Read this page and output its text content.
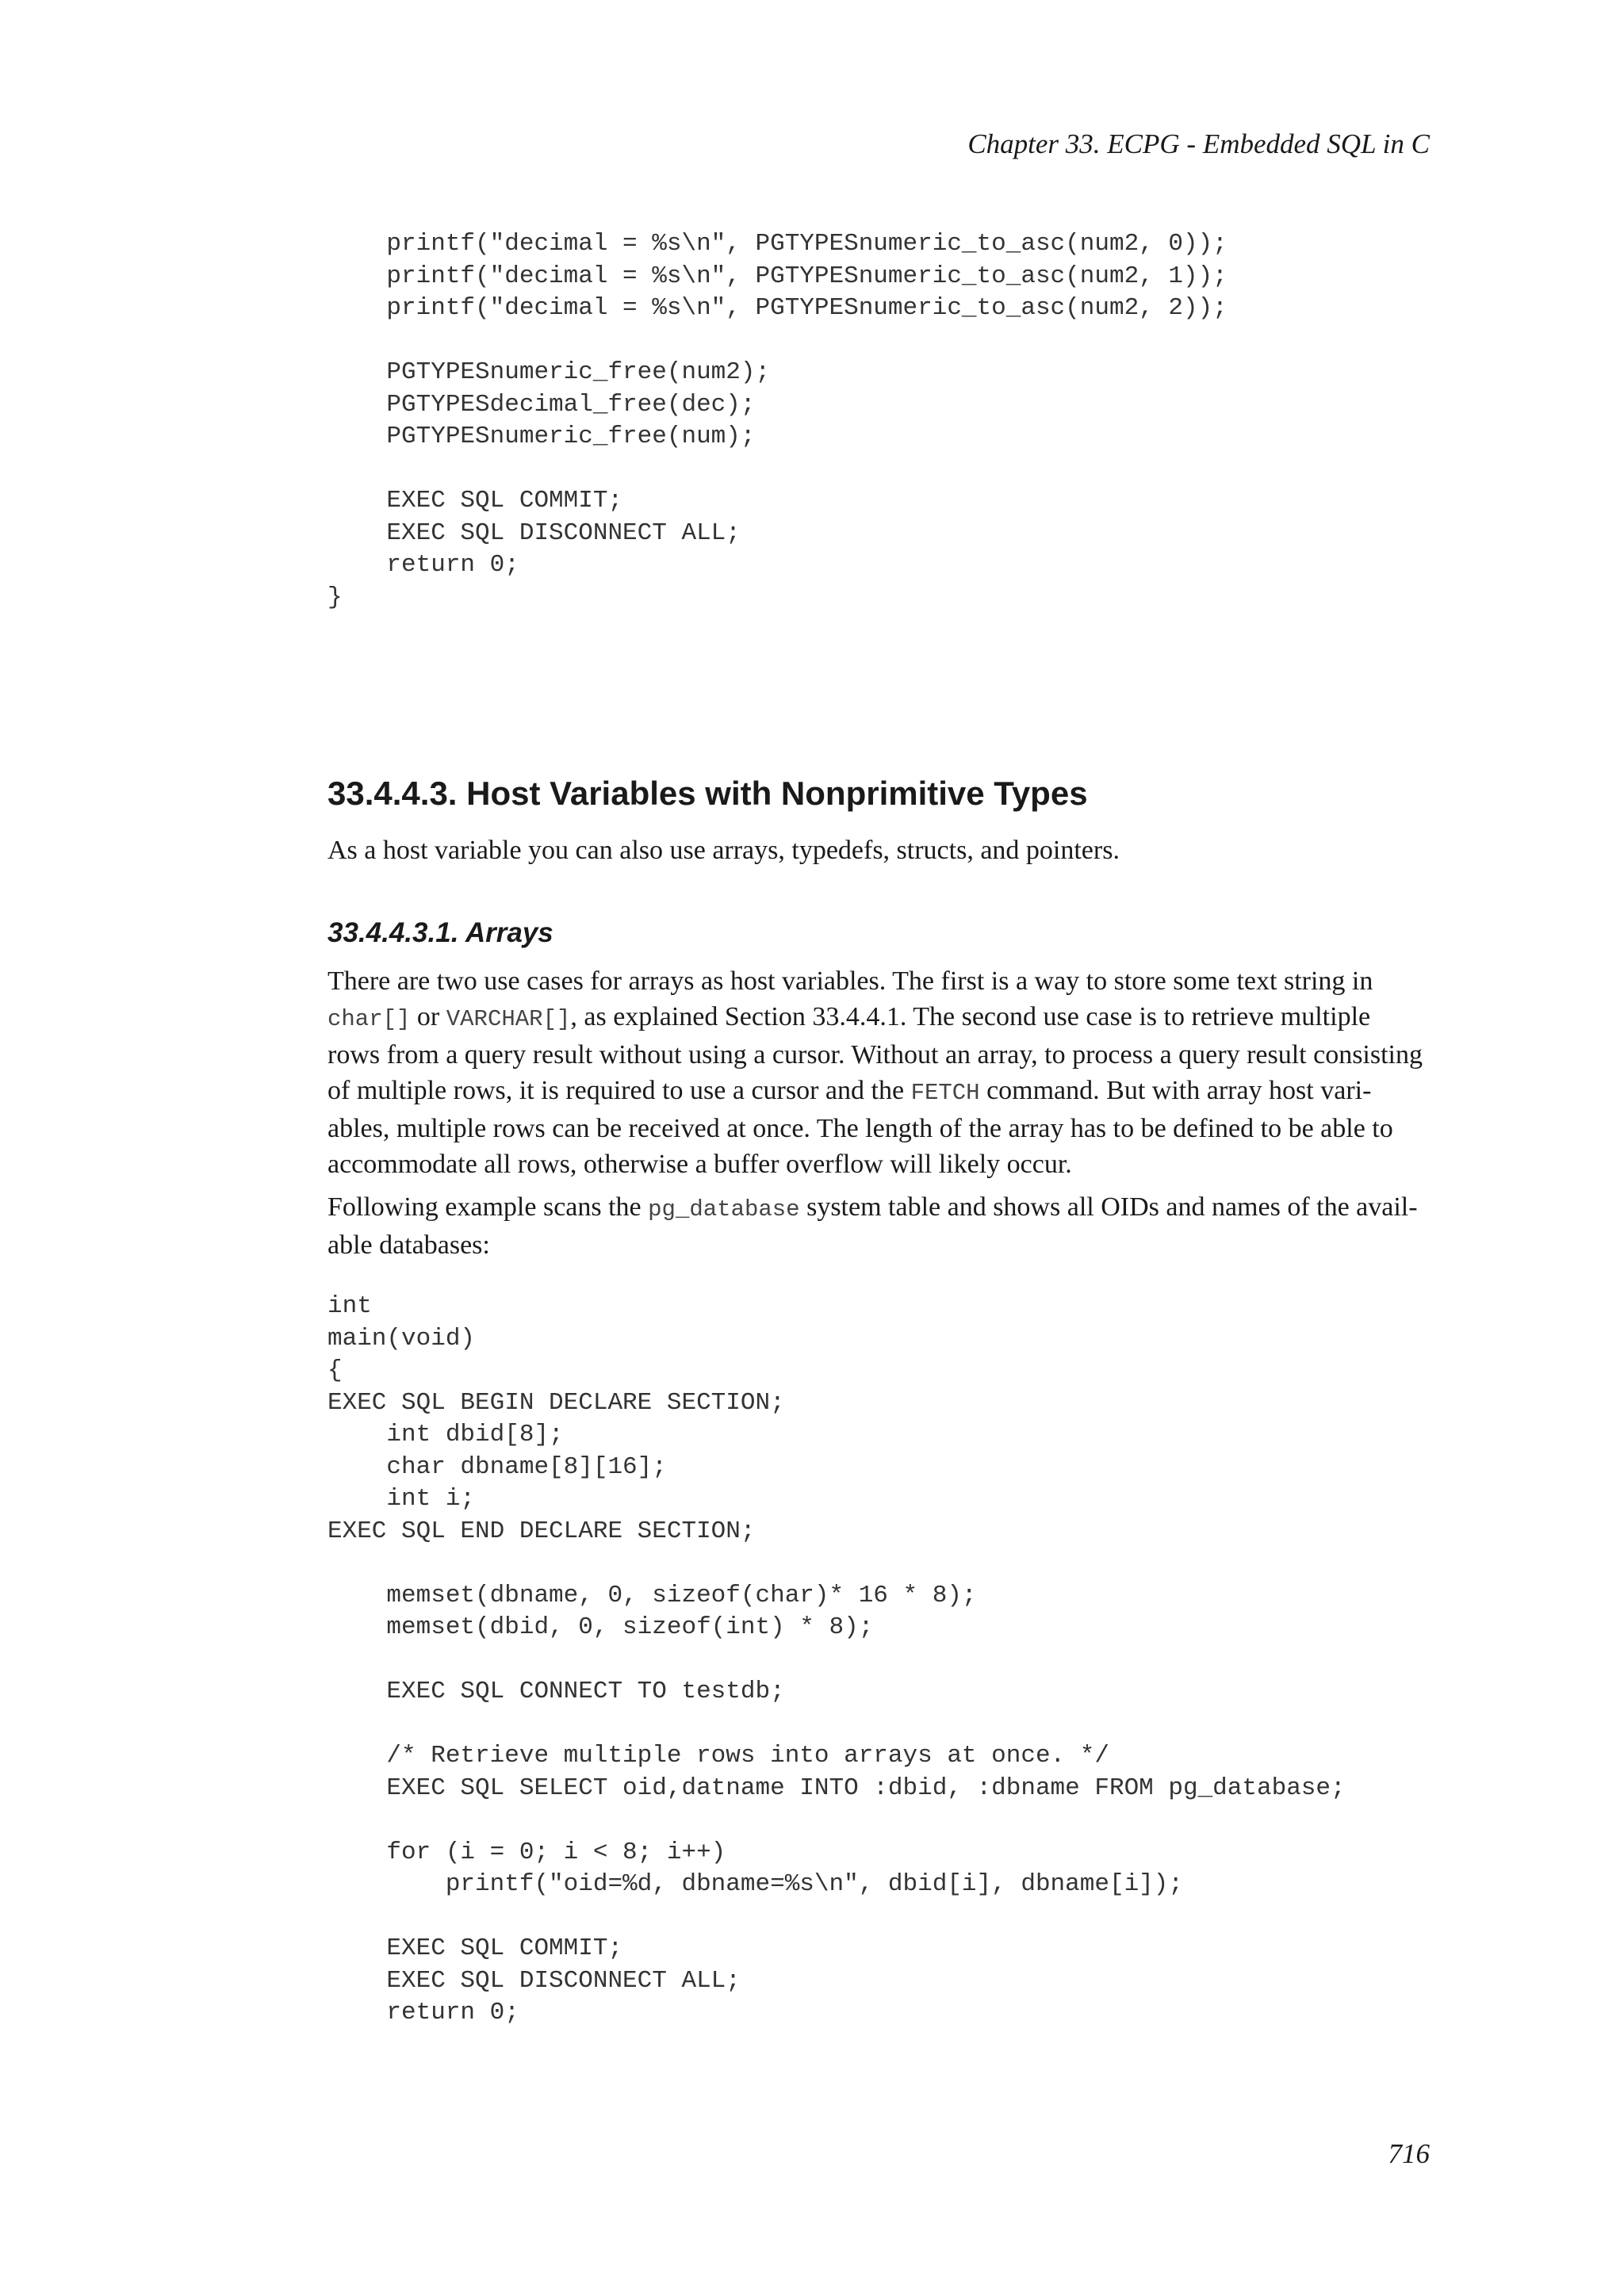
Chapter 33. ECPG - Embedded SQL in C
printf("decimal = %s\n", PGTYPESnumeric_to_asc(num2, 0));
printf("decimal = %s\n", PGTYPESnumeric_to_asc(num2, 1));
printf("decimal = %s\n", PGTYPESnumeric_to_asc(num2, 2));

PGTYPESnumeric_free(num2);
PGTYPESdecimal_free(dec);
PGTYPESnumeric_free(num);

EXEC SQL COMMIT;
EXEC SQL DISCONNECT ALL;
return 0;
}
33.4.4.3. Host Variables with Nonprimitive Types

As a host variable you can also use arrays, typedefs, structs, and pointers.

33.4.4.3.1. Arrays

There are two use cases for arrays as host variables. The first is a way to store some text string in
char[] or VARCHAR[], as explained Section 33.4.4.1. The second use case is to retrieve multiple
rows from a query result without using a cursor. Without an array, to process a query result consisting
of multiple rows, it is required to use a cursor and the FETCH command. But with array host vari-
ables, multiple rows can be received at once. The length of the array has to be defined to be able to
accommodate all rows, otherwise a buffer overflow will likely occur.

Following example scans the pg_database system table and shows all OIDs and names of the avail-
able databases:

int
main(void)
{
EXEC SQL BEGIN DECLARE SECTION;
int dbid[8];
char dbname[8][16];
int i;
EXEC SQL END DECLARE SECTION;

memset(dbname, 0, sizeof(char)* 16 * 8);
memset(dbid, 0, sizeof(int) * 8);

EXEC SQL CONNECT TO testdb;

/* Retrieve multiple rows into arrays at once. */
EXEC SQL SELECT oid,datname INTO :dbid, :dbname FROM pg_database;

for (i = 0; i < 8; i++)
printf("oid=%d, dbname=%s\n", dbid[i], dbname[i]);

EXEC SQL COMMIT;
EXEC SQL DISCONNECT ALL;
return 0;
716
